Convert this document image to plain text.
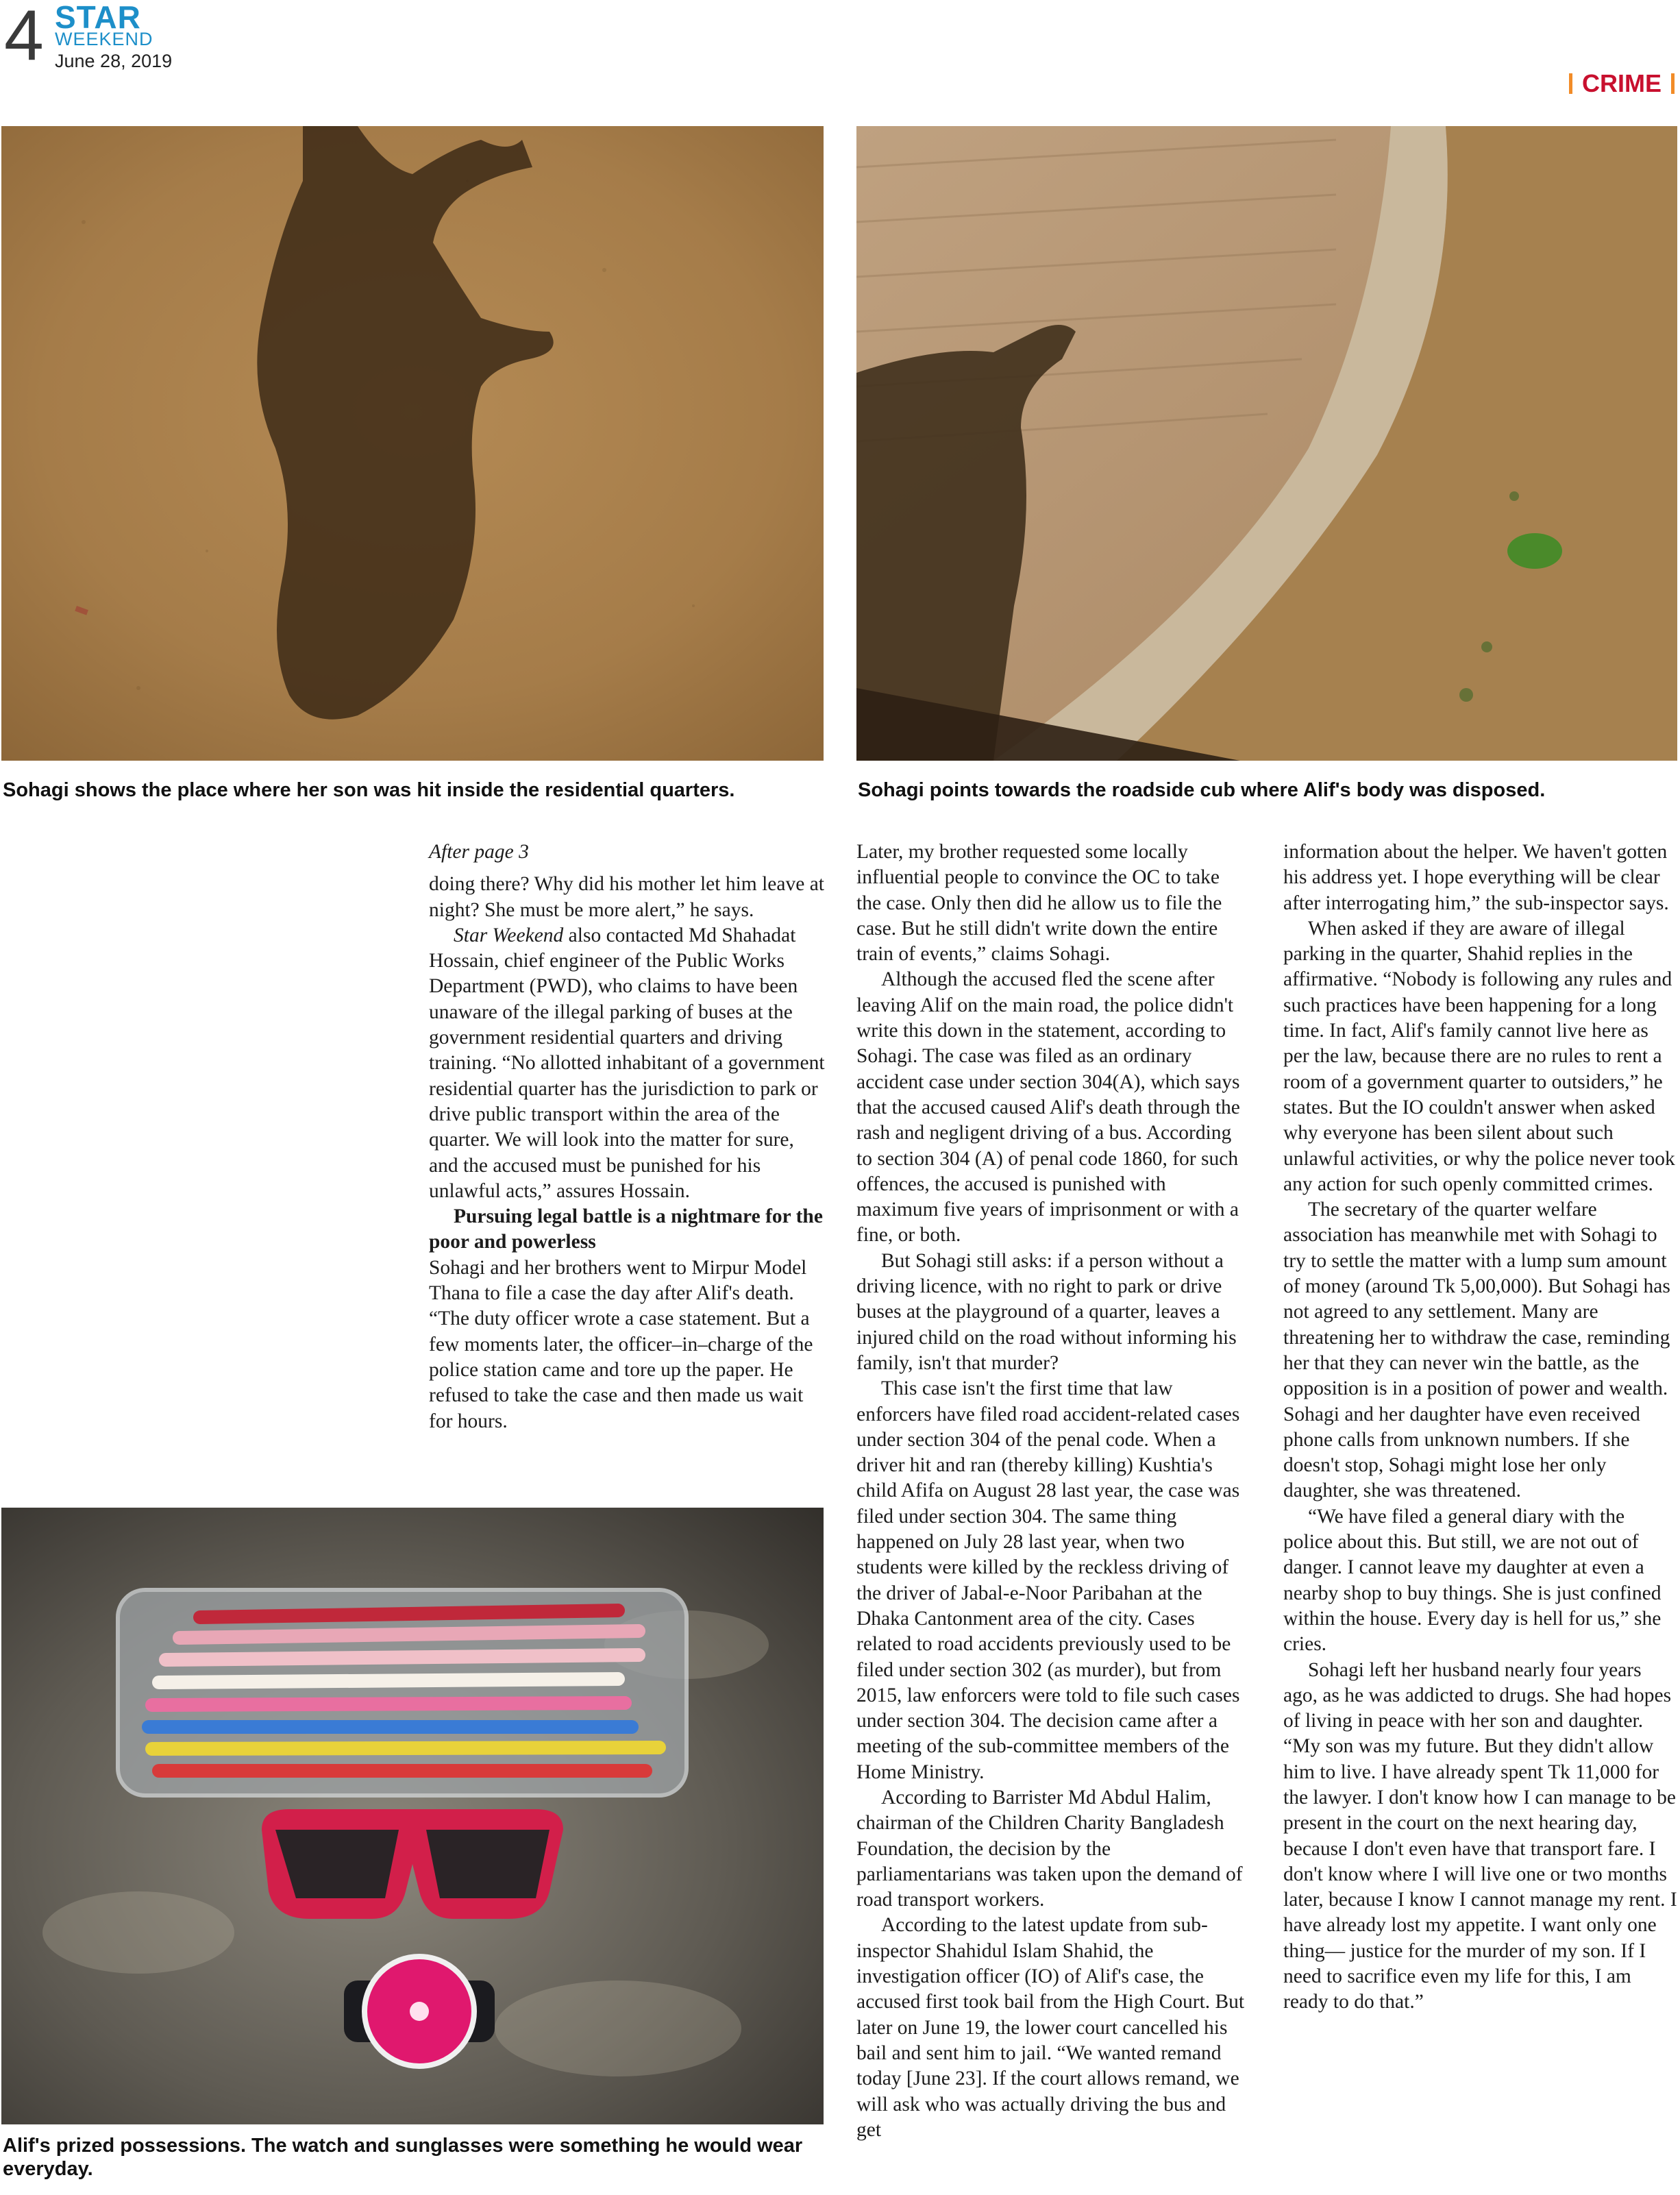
4 STAR
WEEKEND
June 28, 2019
CRIME
Sohagi shows the place where her son was hit inside the residential quarters.	Sohagi points towards the roadside cub where Alif's body was disposed.

After page 3

doing there? Why did his mother let him leave at night? She must be more alert,” he says.

Star Weekend also contacted Md Shahadat Hossain, chief engineer of the Public Works Department (PWD), who claims to have been unaware of the illegal parking of buses at the government residential quarters and driving training. “No allotted inhabitant of a government residential quarter has the jurisdiction to park or drive public transport within the area of the quarter. We will look into the matter for sure, and the accused must be punished for his unlawful acts,” assures Hossain.

Pursuing legal battle is a nightmare for the poor and powerless

Sohagi and her brothers went to Mirpur Model Thana to file a case the day after Alif's death. “The duty officer wrote a case statement. But a few moments later, the officer–in–charge of the police station came and tore up the paper. He refused to take the case and then made us wait for hours.

Later, my brother requested some locally influential people to convince the OC to take the case. Only then did he allow us to file the case. But he still didn't write down the entire train of events,” claims Sohagi.

Although the accused fled the scene after leaving Alif on the main road, the police didn't write this down in the statement, according to Sohagi. The case was filed as an ordinary accident case under section 304(A), which says that the accused caused Alif's death through the rash and negligent driving of a bus. According to section 304 (A) of penal code 1860, for such offences, the accused is punished with maximum five years of imprisonment or with a fine, or both.

But Sohagi still asks: if a person without a driving licence, with no right to park or drive buses at the playground of a quarter, leaves a injured child on the road without informing his family, isn't that murder?

This case isn't the first time that law enforcers have filed road accident-related cases under section 304 of the penal code. When a driver hit and ran (thereby killing) Kushtia's child Afifa on August 28 last year, the case was filed under section 304. The same thing happened on July 28 last year, when two students were killed by the reckless driving of the driver of Jabal-e-Noor Paribahan at the Dhaka Cantonment area of the city. Cases related to road accidents previously used to be filed under section 302 (as murder), but from 2015, law enforcers were told to file such cases under section 304. The decision came after a meeting of the sub-committee members of the Home Ministry.

According to Barrister Md Abdul Halim, chairman of the Children Charity Bangladesh Foundation, the decision by the parliamentarians was taken upon the demand of road transport workers.

According to the latest update from sub-inspector Shahidul Islam Shahid, the investigation officer (IO) of Alif's case, the accused first took bail from the High Court. But later on June 19, the lower court cancelled his bail and sent him to jail. “We wanted remand today [June 23]. If the court allows remand, we will ask who was actually driving the bus and get

information about the helper. We haven't gotten his address yet. I hope everything will be clear after interrogating him,” the sub-inspector says.

When asked if they are aware of illegal parking in the quarter, Shahid replies in the affirmative. “Nobody is following any rules and such practices have been happening for a long time. In fact, Alif's family cannot live here as per the law, because there are no rules to rent a room of a government quarter to outsiders,” he states. But the IO couldn't answer when asked why everyone has been silent about such unlawful activities, or why the police never took any action for such openly committed crimes.

The secretary of the quarter welfare association has meanwhile met with Sohagi to try to settle the matter with a lump sum amount of money (around Tk 5,00,000). But Sohagi has not agreed to any settlement. Many are threatening her to withdraw the case, reminding her that they can never win the battle, as the opposition is in a position of power and wealth. Sohagi and her daughter have even received phone calls from unknown numbers. If she doesn't stop, Sohagi might lose her only daughter, she was threatened.

“We have filed a general diary with the police about this. But still, we are not out of danger. I cannot leave my daughter at even a nearby shop to buy things. She is just confined within the house. Every day is hell for us,” she cries.

Sohagi left her husband nearly four years ago, as he was addicted to drugs. She had hopes of living in peace with her son and daughter. “My son was my future. But they didn't allow him to live. I have already spent Tk 11,000 for the lawyer. I don't know how I can manage to be present in the court on the next hearing day, because I don't even have that transport fare. I don't know where I will live one or two months later, because I know I cannot manage my rent. I have already lost my appetite. I want only one thing— justice for the murder of my son. If I need to sacrifice even my life for this, I am ready to do that.”

Alif's prized possessions. The watch and sunglasses were something he would wear everyday.
